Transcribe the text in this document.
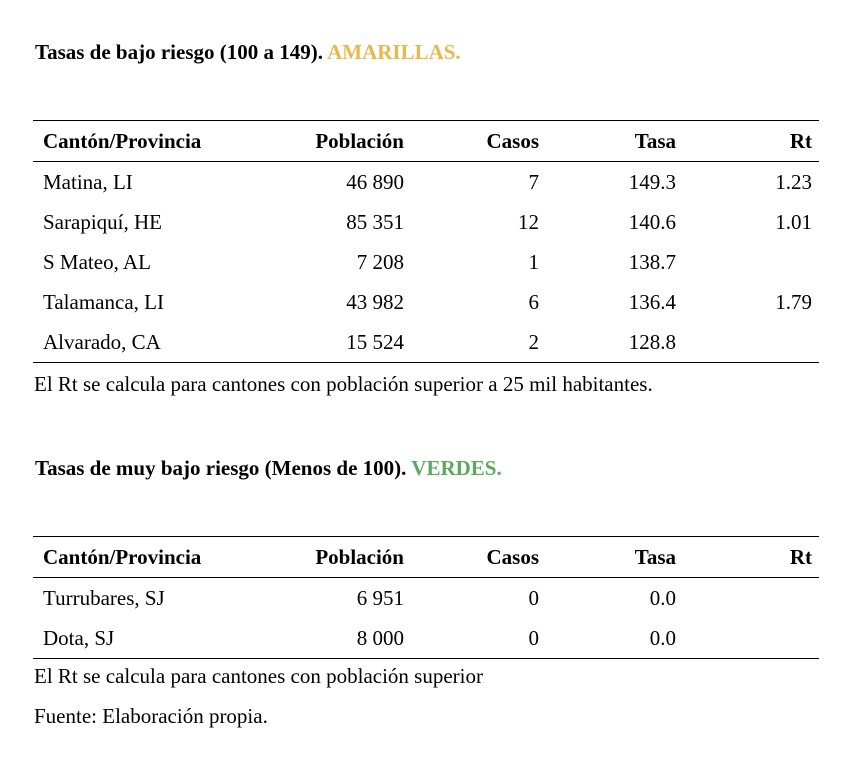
Tasas de bajo riesgo (100 a 149). AMARILLAS.
Cantón/Provincia	Población	Casos	Tasa	Rt
Matina, LI	46 890	7	149.3	1.23
Sarapiquí, HE	85 351	12	140.6	1.01
S Mateo, AL	7 208	1	138.7
Talamanca, LI	43 982	6	136.4	1.79
Alvarado, CA	15 524	2	128.8
El Rt se calcula para cantones con población superior a 25 mil habitantes.
Tasas de muy bajo riesgo (Menos de 100). VERDES.
Cantón/Provincia	Población	Casos	Tasa	Rt
Turrubares, SJ	6 951	0	0.0
Dota, SJ	8 000	0	0.0
El Rt se calcula para cantones con población superior
Fuente: Elaboración propia.
